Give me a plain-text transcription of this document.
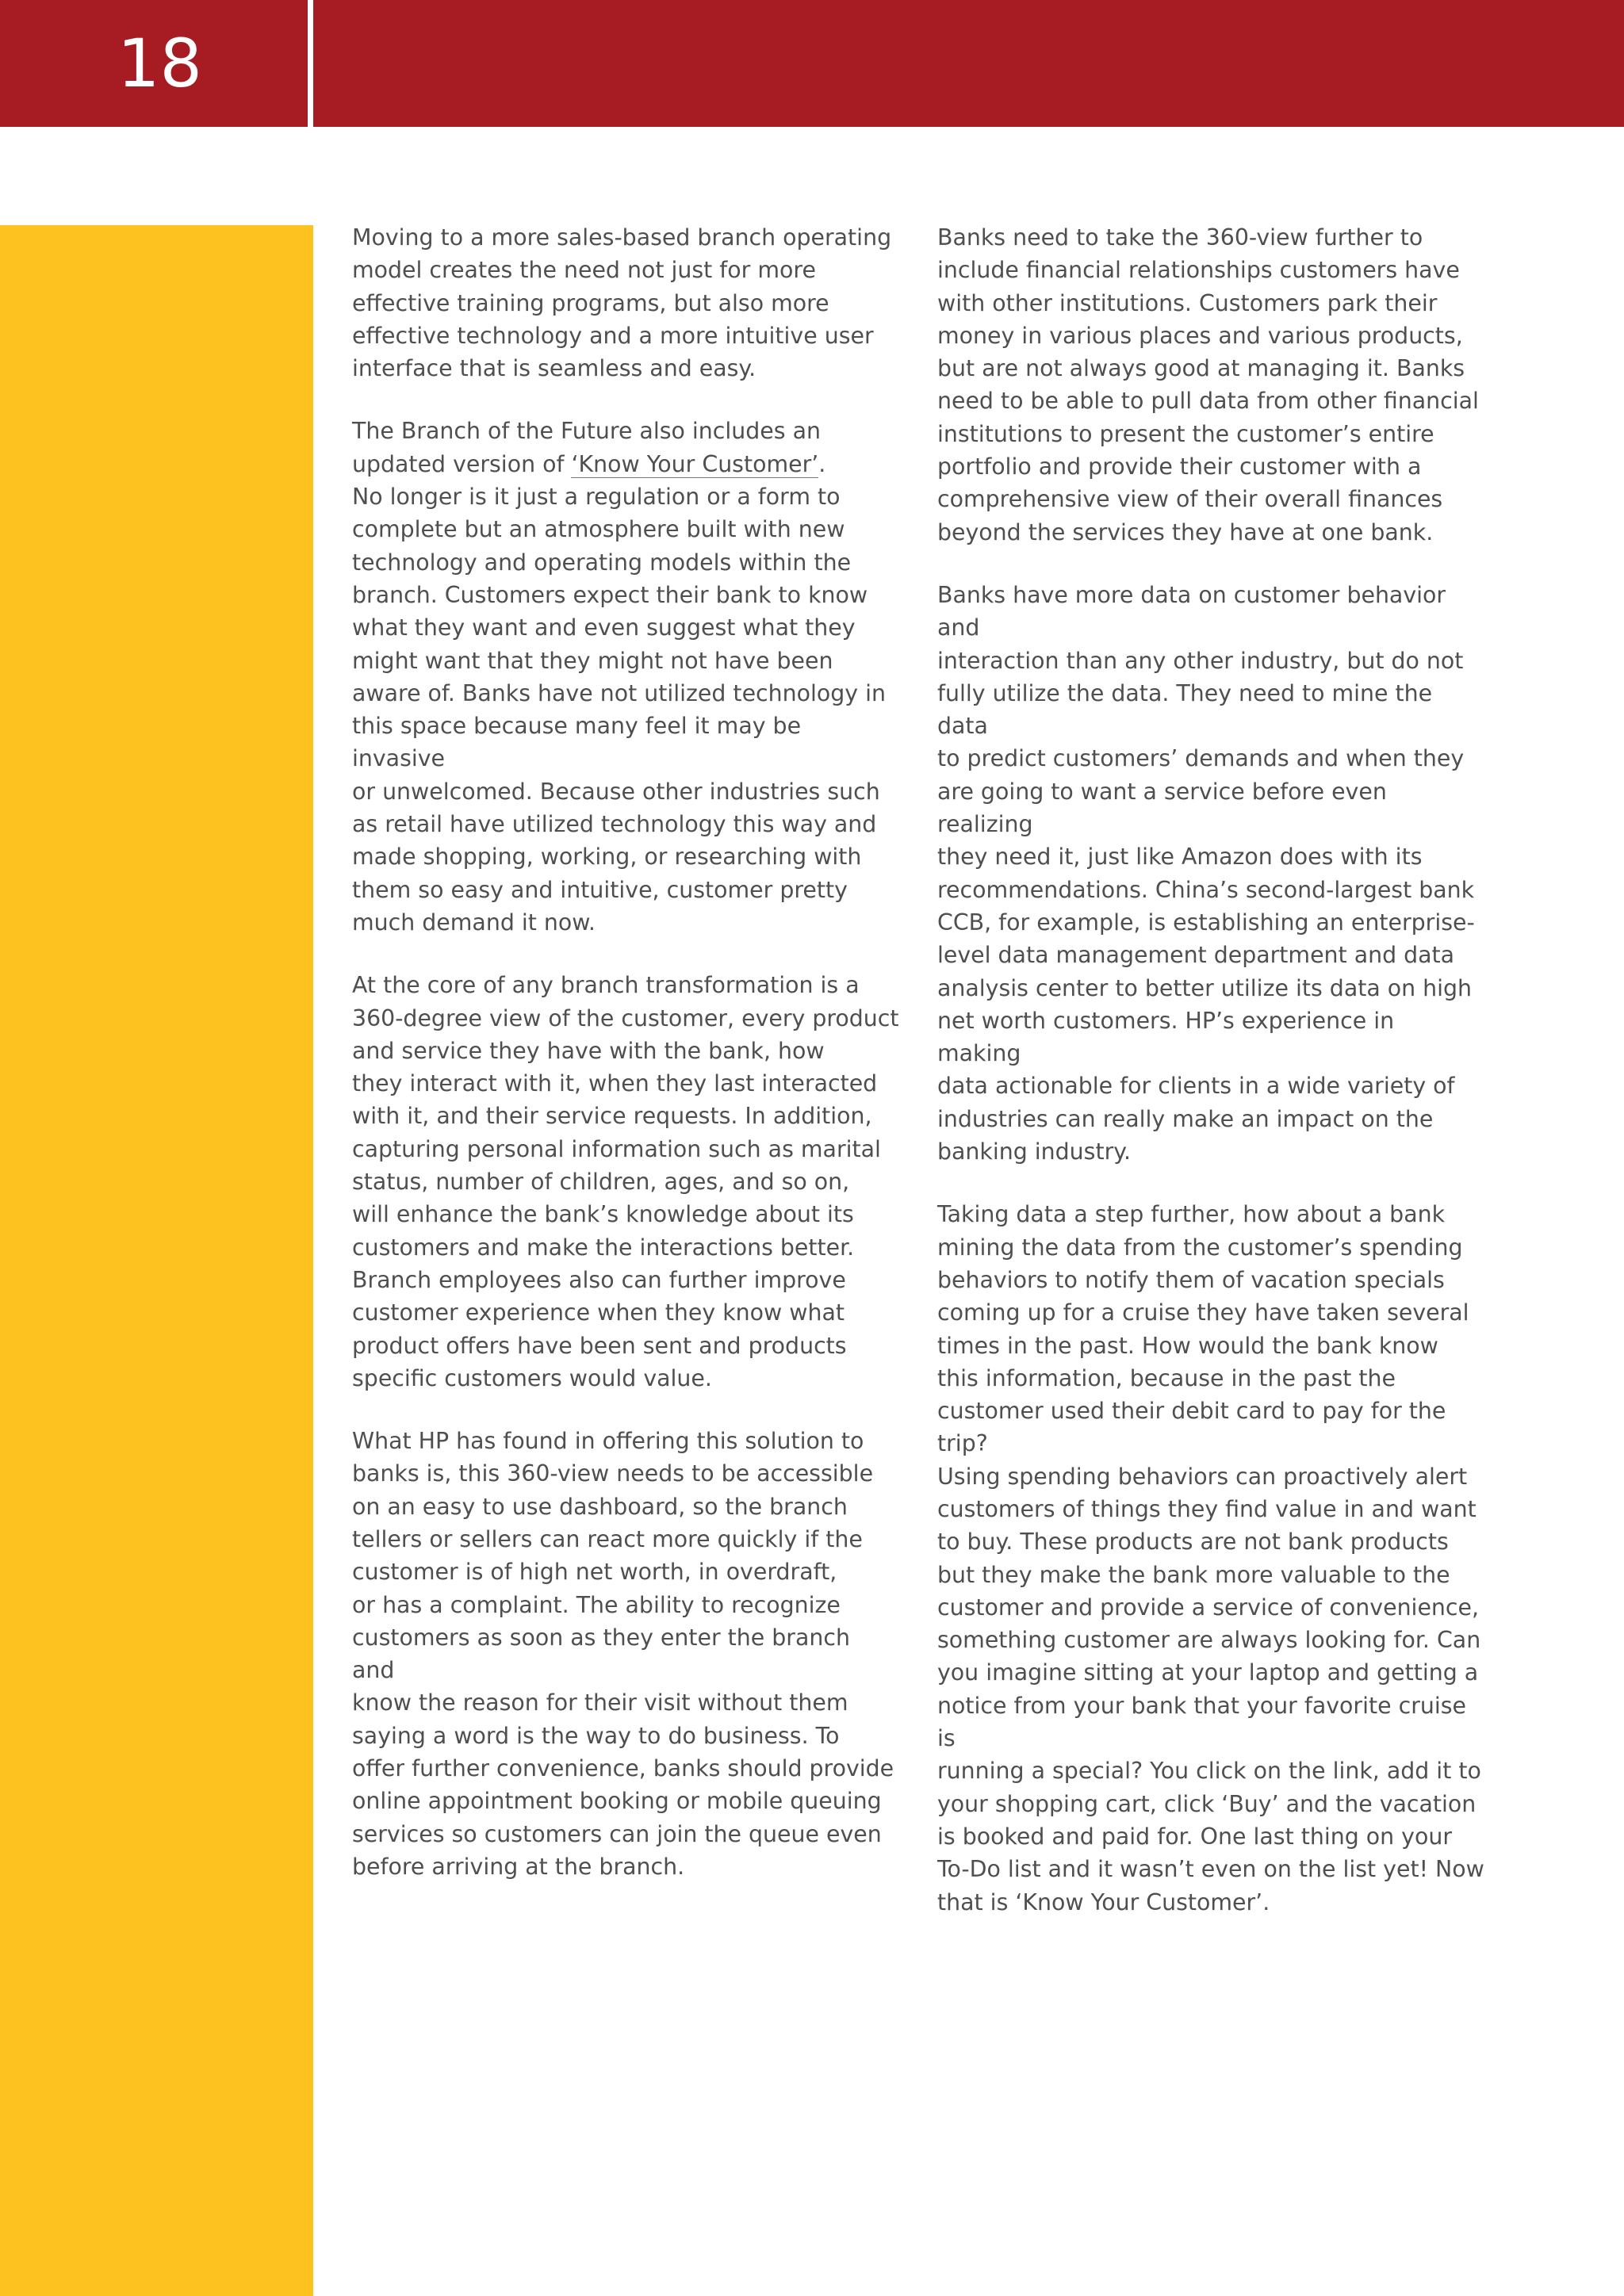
18

Moving to a more sales-based branch operating
model creates the need not just for more
effective training programs, but also more
effective technology and a more intuitive user
interface that is seamless and easy.

The Branch of the Future also includes an
updated version of ‘Know Your Customer’.
No longer is it just a regulation or a form to
complete but an atmosphere built with new
technology and operating models within the
branch. Customers expect their bank to know
what they want and even suggest what they
might want that they might not have been
aware of. Banks have not utilized technology in
this space because many feel it may be invasive
or unwelcomed. Because other industries such
as retail have utilized technology this way and
made shopping, working, or researching with
them so easy and intuitive, customer pretty
much demand it now.

At the core of any branch transformation is a
360-degree view of the customer, every product
and service they have with the bank, how
they interact with it, when they last interacted
with it, and their service requests. In addition,
capturing personal information such as marital
status, number of children, ages, and so on,
will enhance the bank’s knowledge about its
customers and make the interactions better.
Branch employees also can further improve
customer experience when they know what
product offers have been sent and products
specific customers would value.

What HP has found in offering this solution to
banks is, this 360-view needs to be accessible
on an easy to use dashboard, so the branch
tellers or sellers can react more quickly if the
customer is of high net worth, in overdraft,
or has a complaint. The ability to recognize
customers as soon as they enter the branch and
know the reason for their visit without them
saying a word is the way to do business. To
offer further convenience, banks should provide
online appointment booking or mobile queuing
services so customers can join the queue even
before arriving at the branch.

Banks need to take the 360-view further to
include financial relationships customers have
with other institutions. Customers park their
money in various places and various products,
but are not always good at managing it. Banks
need to be able to pull data from other financial
institutions to present the customer’s entire
portfolio and provide their customer with a
comprehensive view of their overall finances
beyond the services they have at one bank.

Banks have more data on customer behavior and
interaction than any other industry, but do not
fully utilize the data. They need to mine the data
to predict customers’ demands and when they
are going to want a service before even realizing
they need it, just like Amazon does with its
recommendations. China’s second-largest bank
CCB, for example, is establishing an enterprise-
level data management department and data
analysis center to better utilize its data on high
net worth customers. HP’s experience in making
data actionable for clients in a wide variety of
industries can really make an impact on the
banking industry.

Taking data a step further, how about a bank
mining the data from the customer’s spending
behaviors to notify them of vacation specials
coming up for a cruise they have taken several
times in the past. How would the bank know
this information, because in the past the
customer used their debit card to pay for the trip?
Using spending behaviors can proactively alert
customers of things they find value in and want
to buy. These products are not bank products
but they make the bank more valuable to the
customer and provide a service of convenience,
something customer are always looking for. Can
you imagine sitting at your laptop and getting a
notice from your bank that your favorite cruise is
running a special? You click on the link, add it to
your shopping cart, click ‘Buy’ and the vacation
is booked and paid for. One last thing on your
To-Do list and it wasn’t even on the list yet! Now
that is ‘Know Your Customer’.
